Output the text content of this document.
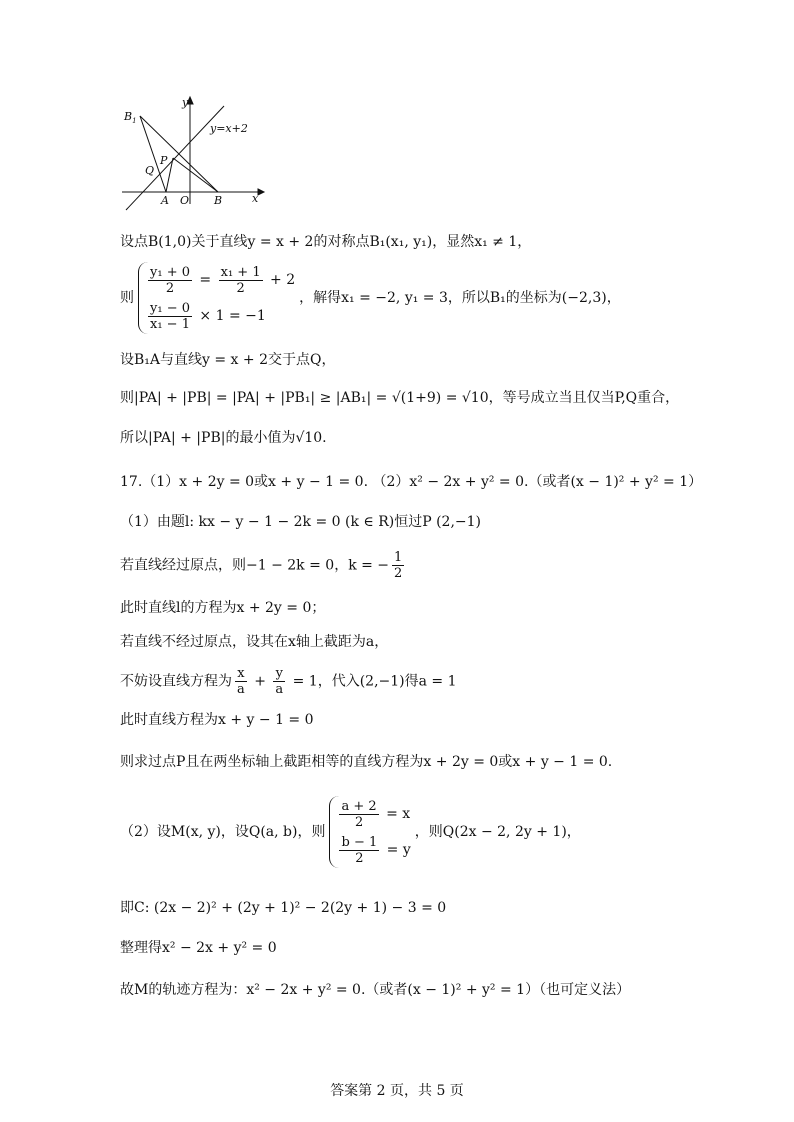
$B_1$
y
y=x+2
P
Q
A O B	x
设点B(1,0)关于直线y = x + 2的对称点B₁(x₁, y₁)，显然x₁ ≠ 1，
则
$\frac{\text{y₁ + 0}}{2} = \frac{\text{x₁ + 1}}{2} + 2$
$\frac{\text{y₁ − 0}}{\text{x₁ − 1}} \times 1 = -1$
，解得x₁ = −2, y₁ = 3，所以B₁的坐标为(−2,3)，
设B₁A与直线y = x + 2交于点Q，
则|PA| + |PB| = |PA| + |PB₁| ≥ |AB₁| = √(1+9) = √10，等号成立当且仅当P,Q重合，
所以|PA| + |PB|的最小值为√10.
17.（1）x + 2y = 0或x + y − 1 = 0. （2）x² − 2x + y² = 0.（或者(x − 1)² + y² = 1）
（1）由题l: kx − y − 1 − 2k = 0 (k ∈ R)恒过P (2,−1)
若直线经过原点，则−1 − 2k = 0，k = − $\frac{1}{2}$
此时直线l的方程为x + 2y = 0；
若直线不经过原点，设其在x轴上截距为a，
不妨设直线方程为 $\frac{x}{a} + \frac{y}{a} = 1$，代入(2,−1)得a = 1
此时直线方程为x + y − 1 = 0
则求过点P且在两坐标轴上截距相等的直线方程为x + 2y = 0或x + y − 1 = 0.
（2）设M(x, y)，设Q(a, b)，则
$\frac{a + 2}{2} = x$
$\frac{b - 1}{2} = y$
，则Q(2x − 2, 2y + 1)，
即C: (2x − 2)² + (2y + 1)² − 2(2y + 1) − 3 = 0
整理得x² − 2x + y² = 0
故M的轨迹方程为：x² − 2x + y² = 0.（或者(x − 1)² + y² = 1）（也可定义法）
答案第 2 页，共 5 页
